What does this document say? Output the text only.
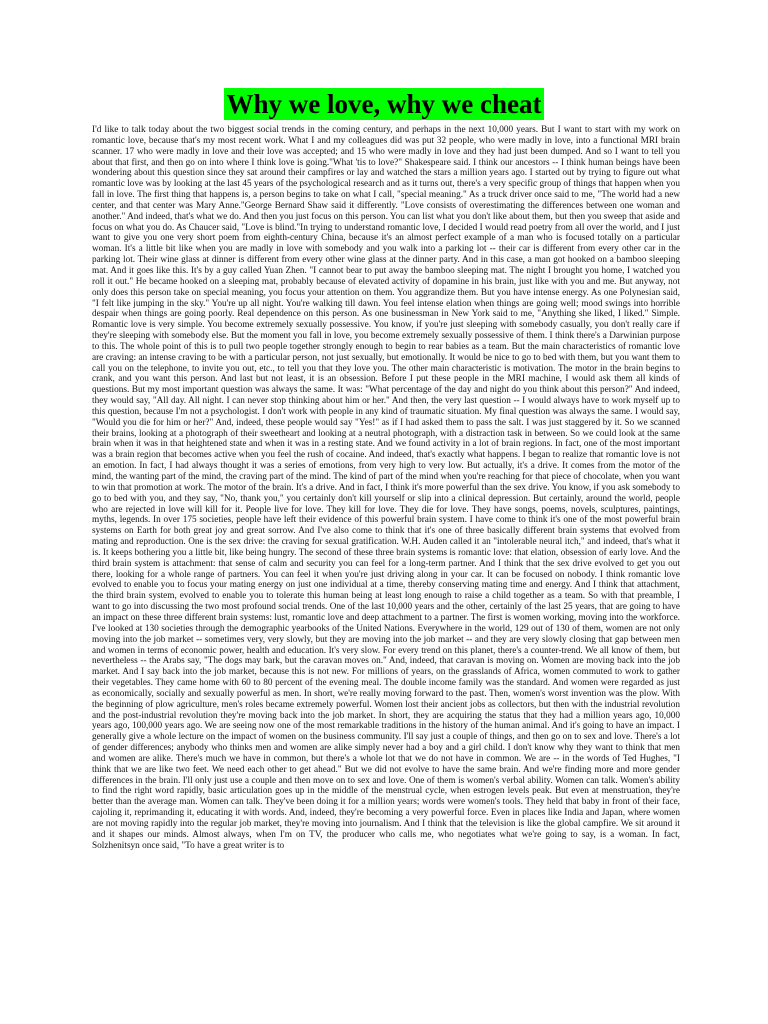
Why we love, why we cheat

I'd like to talk today about the two biggest social trends in the coming century, and perhaps in the next 10,000 years. But I want to start with my work on romantic love, because that's my most recent work. What I and my colleagues did was put 32 people, who were madly in love, into a functional MRI brain scanner. 17 who were madly in love and their love was accepted; and 15 who were madly in love and they had just been dumped. And so I want to tell you about that first, and then go on into where I think love is going."What 'tis to love?" Shakespeare said. I think our ancestors -- I think human beings have been wondering about this question since they sat around their campfires or lay and watched the stars a million years ago. I started out by trying to figure out what romantic love was by looking at the last 45 years of the psychological research and as it turns out, there's a very specific group of things that happen when you fall in love. The first thing that happens is, a person begins to take on what I call, "special meaning." As a truck driver once said to me, "The world had a new center, and that center was Mary Anne."George Bernard Shaw said it differently. "Love consists of overestimating the differences between one woman and another." And indeed, that's what we do. And then you just focus on this person. You can list what you don't like about them, but then you sweep that aside and focus on what you do. As Chaucer said, "Love is blind."In trying to understand romantic love, I decided I would read poetry from all over the world, and I just want to give you one very short poem from eighth-century China, because it's an almost perfect example of a man who is focused totally on a particular woman. It's a little bit like when you are madly in love with somebody and you walk into a parking lot -- their car is different from every other car in the parking lot. Their wine glass at dinner is different from every other wine glass at the dinner party. And in this case, a man got hooked on a bamboo sleeping mat. And it goes like this. It's by a guy called Yuan Zhen. "I cannot bear to put away the bamboo sleeping mat. The night I brought you home, I watched you roll it out." He became hooked on a sleeping mat, probably because of elevated activity of dopamine in his brain, just like with you and me. But anyway, not only does this person take on special meaning, you focus your attention on them. You aggrandize them. But you have intense energy. As one Polynesian said, "I felt like jumping in the sky." You're up all night. You're walking till dawn. You feel intense elation when things are going well; mood swings into horrible despair when things are going poorly. Real dependence on this person. As one businessman in New York said to me, "Anything she liked, I liked." Simple. Romantic love is very simple. You become extremely sexually possessive. You know, if you're just sleeping with somebody casually, you don't really care if they're sleeping with somebody else. But the moment you fall in love, you become extremely sexually possessive of them. I think there's a Darwinian purpose to this. The whole point of this is to pull two people together strongly enough to begin to rear babies as a team. But the main characteristics of romantic love are craving: an intense craving to be with a particular person, not just sexually, but emotionally. It would be nice to go to bed with them, but you want them to call you on the telephone, to invite you out, etc., to tell you that they love you. The other main characteristic is motivation. The motor in the brain begins to crank, and you want this person. And last but not least, it is an obsession. Before I put these people in the MRI machine, I would ask them all kinds of questions. But my most important question was always the same. It was: "What percentage of the day and night do you think about this person?" And indeed, they would say, "All day. All night. I can never stop thinking about him or her." And then, the very last question -- I would always have to work myself up to this question, because I'm not a psychologist. I don't work with people in any kind of traumatic situation. My final question was always the same. I would say, "Would you die for him or her?" And, indeed, these people would say "Yes!" as if I had asked them to pass the salt. I was just staggered by it. So we scanned their brains, looking at a photograph of their sweetheart and looking at a neutral photograph, with a distraction task in between. So we could look at the same brain when it was in that heightened state and when it was in a resting state. And we found activity in a lot of brain regions. In fact, one of the most important was a brain region that becomes active when you feel the rush of cocaine. And indeed, that's exactly what happens. I began to realize that romantic love is not an emotion. In fact, I had always thought it was a series of emotions, from very high to very low. But actually, it's a drive. It comes from the motor of the mind, the wanting part of the mind, the craving part of the mind. The kind of part of the mind when you're reaching for that piece of chocolate, when you want to win that promotion at work. The motor of the brain. It's a drive. And in fact, I think it's more powerful than the sex drive. You know, if you ask somebody to go to bed with you, and they say, "No, thank you," you certainly don't kill yourself or slip into a clinical depression. But certainly, around the world, people who are rejected in love will kill for it. People live for love. They kill for love. They die for love. They have songs, poems, novels, sculptures, paintings, myths, legends. In over 175 societies, people have left their evidence of this powerful brain system. I have come to think it's one of the most powerful brain systems on Earth for both great joy and great sorrow. And I've also come to think that it's one of three basically different brain systems that evolved from mating and reproduction. One is the sex drive: the craving for sexual gratification. W.H. Auden called it an "intolerable neural itch," and indeed, that's what it is. It keeps bothering you a little bit, like being hungry. The second of these three brain systems is romantic love: that elation, obsession of early love. And the third brain system is attachment: that sense of calm and security you can feel for a long-term partner. And I think that the sex drive evolved to get you out there, looking for a whole range of partners. You can feel it when you're just driving along in your car. It can be focused on nobody. I think romantic love evolved to enable you to focus your mating energy on just one individual at a time, thereby conserving mating time and energy. And I think that attachment, the third brain system, evolved to enable you to tolerate this human being at least long enough to raise a child together as a team. So with that preamble, I want to go into discussing the two most profound social trends. One of the last 10,000 years and the other, certainly of the last 25 years, that are going to have an impact on these three different brain systems: lust, romantic love and deep attachment to a partner. The first is women working, moving into the workforce. I've looked at 130 societies through the demographic yearbooks of the United Nations. Everywhere in the world, 129 out of 130 of them, women are not only moving into the job market -- sometimes very, very slowly, but they are moving into the job market -- and they are very slowly closing that gap between men and women in terms of economic power, health and education. It's very slow. For every trend on this planet, there's a counter-trend. We all know of them, but nevertheless -- the Arabs say, "The dogs may bark, but the caravan moves on." And, indeed, that caravan is moving on. Women are moving back into the job market. And I say back into the job market, because this is not new. For millions of years, on the grasslands of Africa, women commuted to work to gather their vegetables. They came home with 60 to 80 percent of the evening meal. The double income family was the standard. And women were regarded as just as economically, socially and sexually powerful as men. In short, we're really moving forward to the past. Then, women's worst invention was the plow. With the beginning of plow agriculture, men's roles became extremely powerful. Women lost their ancient jobs as collectors, but then with the industrial revolution and the post-industrial revolution they're moving back into the job market. In short, they are acquiring the status that they had a million years ago, 10,000 years ago, 100,000 years ago. We are seeing now one of the most remarkable traditions in the history of the human animal. And it's going to have an impact. I generally give a whole lecture on the impact of women on the business community. I'll say just a couple of things, and then go on to sex and love. There's a lot of gender differences; anybody who thinks men and women are alike simply never had a boy and a girl child. I don't know why they want to think that men and women are alike. There's much we have in common, but there's a whole lot that we do not have in common. We are -- in the words of Ted Hughes, "I think that we are like two feet. We need each other to get ahead." But we did not evolve to have the same brain. And we're finding more and more gender differences in the brain. I'll only just use a couple and then move on to sex and love. One of them is women's verbal ability. Women can talk. Women's ability to find the right word rapidly, basic articulation goes up in the middle of the menstrual cycle, when estrogen levels peak. But even at menstruation, they're better than the average man. Women can talk. They've been doing it for a million years; words were women's tools. They held that baby in front of their face, cajoling it, reprimanding it, educating it with words. And, indeed, they're becoming a very powerful force. Even in places like India and Japan, where women are not moving rapidly into the regular job market, they're moving into journalism. And I think that the television is like the global campfire. We sit around it and it shapes our minds. Almost always, when I'm on TV, the producer who calls me, who negotiates what we're going to say, is a woman. In fact, Solzhenitsyn once said, "To have a great writer is to
